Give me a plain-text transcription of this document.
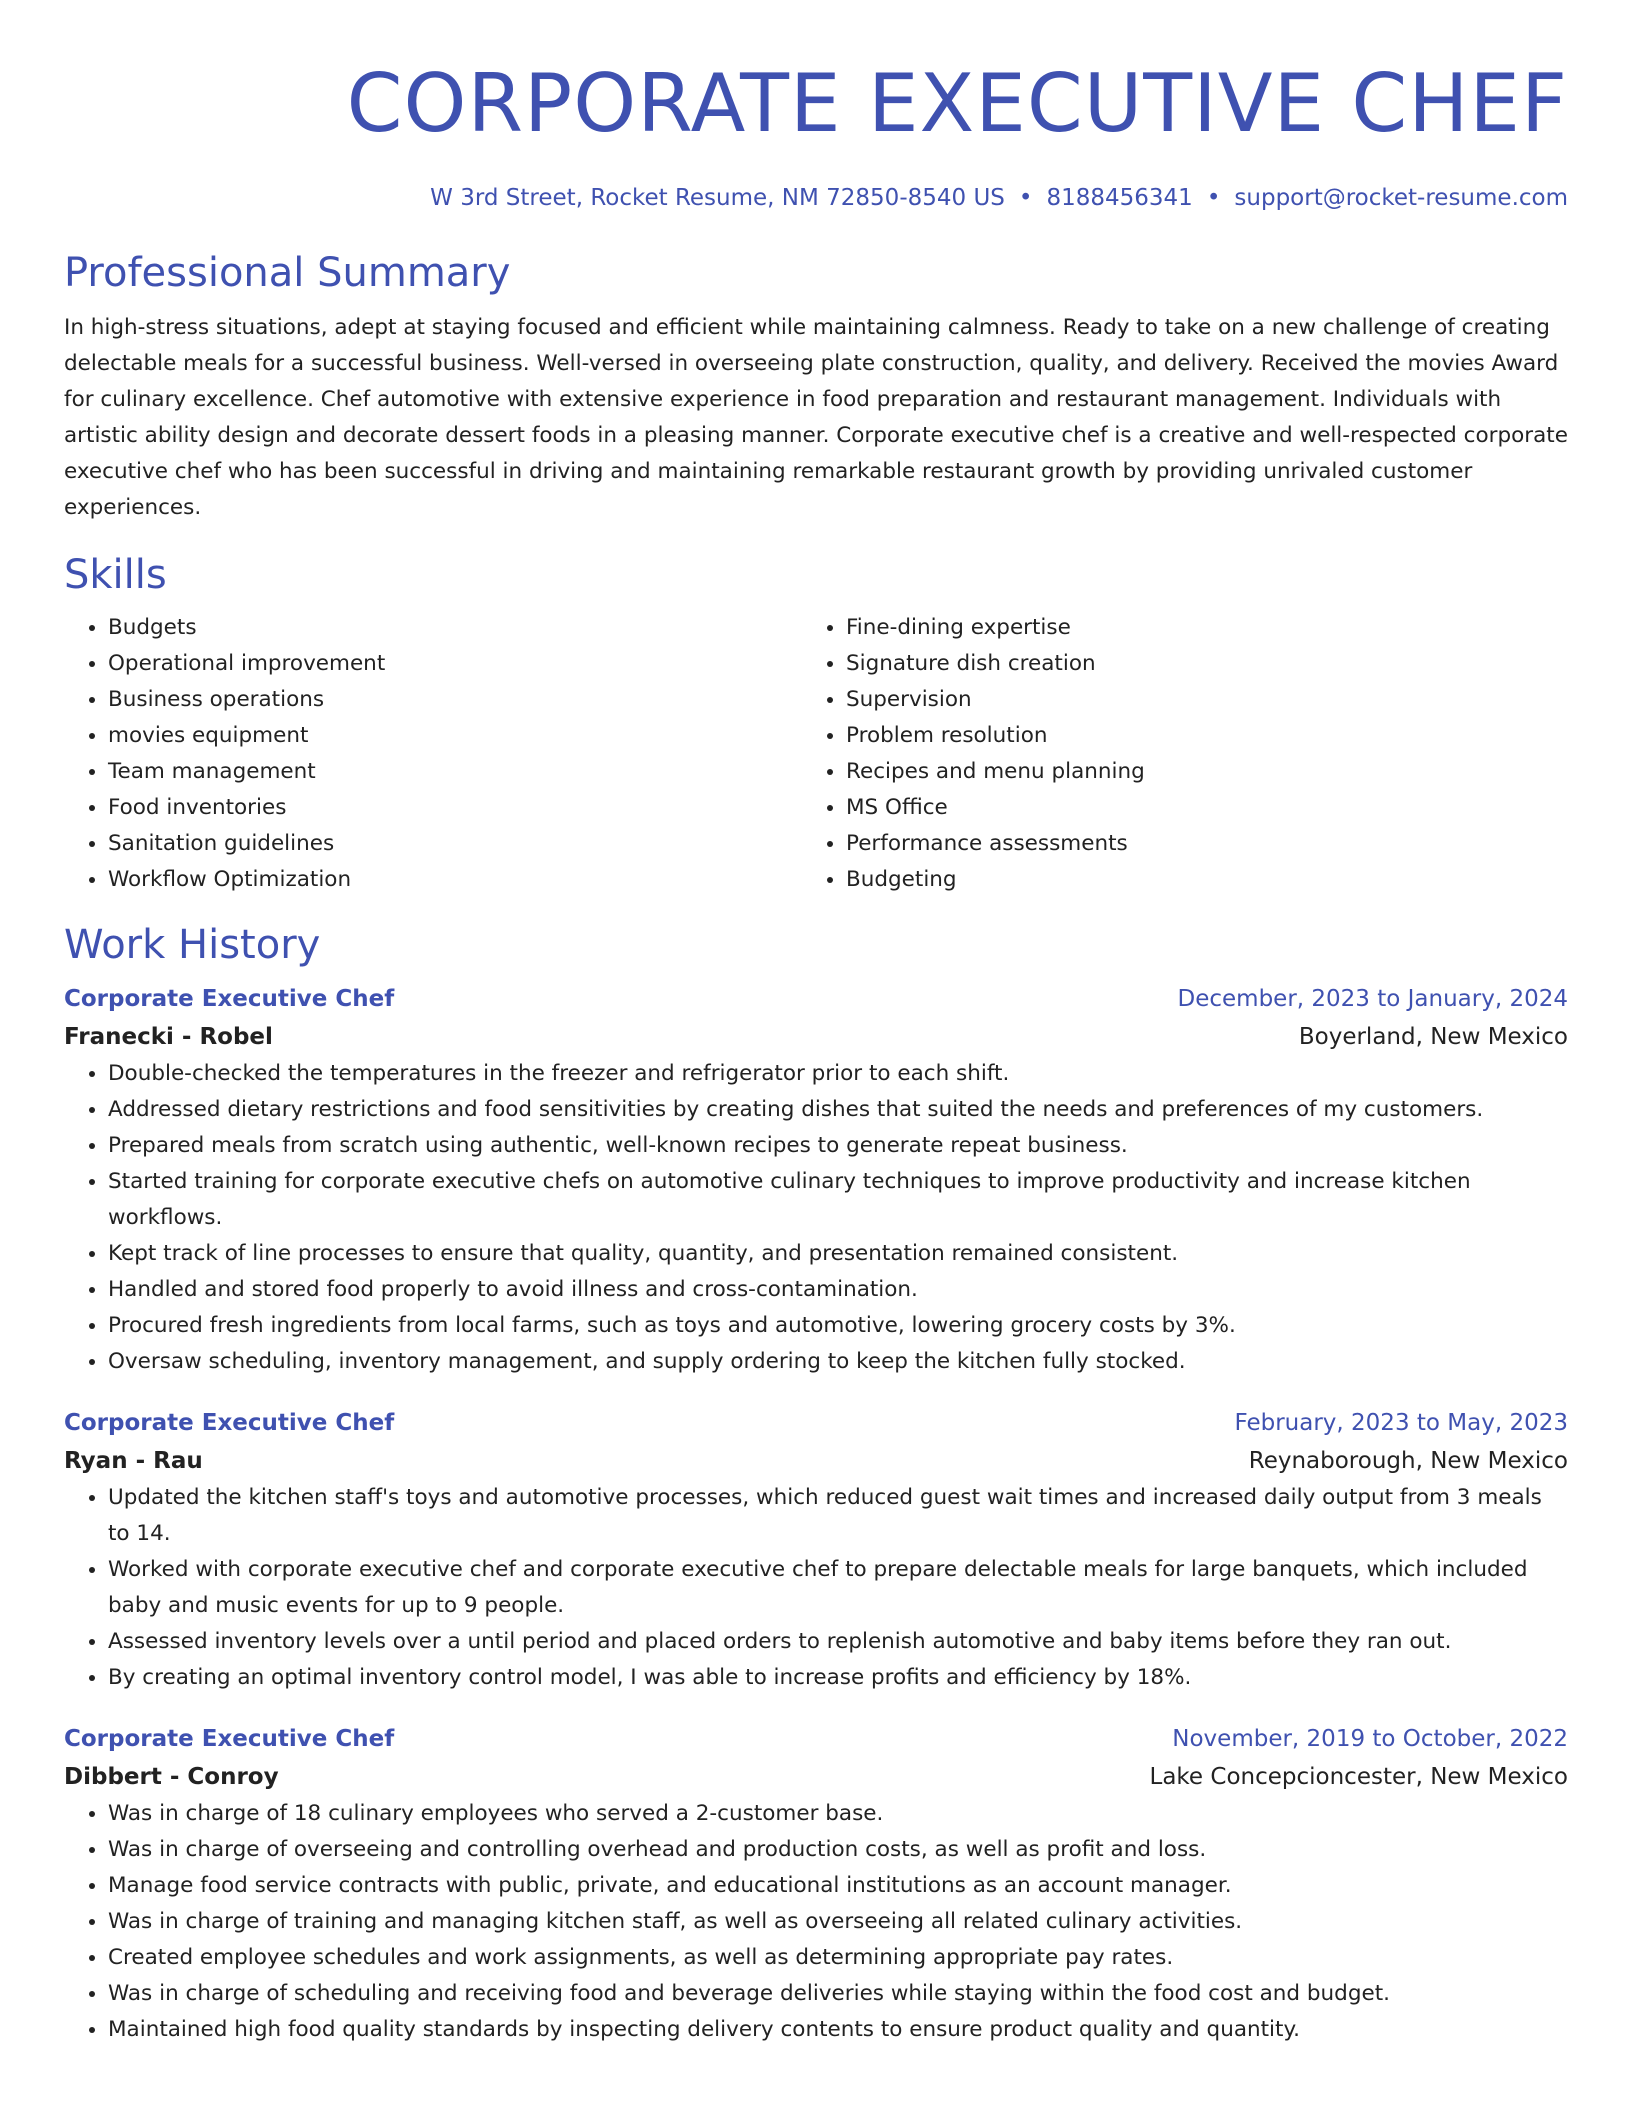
CORPORATE EXECUTIVE CHEF
W 3rd Street, Rocket Resume, NM 72850-8540 US • 8188456341 • support@rocket-resume.com
Professional Summary
In high-stress situations, adept at staying focused and efficient while maintaining calmness. Ready to take on a new challenge of creating delectable meals for a successful business. Well-versed in overseeing plate construction, quality, and delivery. Received the movies Award for culinary excellence. Chef automotive with extensive experience in food preparation and restaurant management. Individuals with artistic ability design and decorate dessert foods in a pleasing manner. Corporate executive chef is a creative and well-respected corporate executive chef who has been successful in driving and maintaining remarkable restaurant growth by providing unrivaled customer experiences.
Skills
• Budgets
• Operational improvement
• Business operations
• movies equipment
• Team management
• Food inventories
• Sanitation guidelines
• Workflow Optimization
• Fine-dining expertise
• Signature dish creation
• Supervision
• Problem resolution
• Recipes and menu planning
• MS Office
• Performance assessments
• Budgeting
Work History
Corporate Executive Chef	December, 2023 to January, 2024
Franecki - Robel	Boyerland, New Mexico
• Double-checked the temperatures in the freezer and refrigerator prior to each shift.
• Addressed dietary restrictions and food sensitivities by creating dishes that suited the needs and preferences of my customers.
• Prepared meals from scratch using authentic, well-known recipes to generate repeat business.
• Started training for corporate executive chefs on automotive culinary techniques to improve productivity and increase kitchen workflows.
• Kept track of line processes to ensure that quality, quantity, and presentation remained consistent.
• Handled and stored food properly to avoid illness and cross-contamination.
• Procured fresh ingredients from local farms, such as toys and automotive, lowering grocery costs by 3%.
• Oversaw scheduling, inventory management, and supply ordering to keep the kitchen fully stocked.
Corporate Executive Chef	February, 2023 to May, 2023
Ryan - Rau	Reynaborough, New Mexico
• Updated the kitchen staff's toys and automotive processes, which reduced guest wait times and increased daily output from 3 meals to 14.
• Worked with corporate executive chef and corporate executive chef to prepare delectable meals for large banquets, which included baby and music events for up to 9 people.
• Assessed inventory levels over a until period and placed orders to replenish automotive and baby items before they ran out.
• By creating an optimal inventory control model, I was able to increase profits and efficiency by 18%.
Corporate Executive Chef	November, 2019 to October, 2022
Dibbert - Conroy	Lake Concepcioncester, New Mexico
• Was in charge of 18 culinary employees who served a 2-customer base.
• Was in charge of overseeing and controlling overhead and production costs, as well as profit and loss.
• Manage food service contracts with public, private, and educational institutions as an account manager.
• Was in charge of training and managing kitchen staff, as well as overseeing all related culinary activities.
• Created employee schedules and work assignments, as well as determining appropriate pay rates.
• Was in charge of scheduling and receiving food and beverage deliveries while staying within the food cost and budget.
• Maintained high food quality standards by inspecting delivery contents to ensure product quality and quantity.
